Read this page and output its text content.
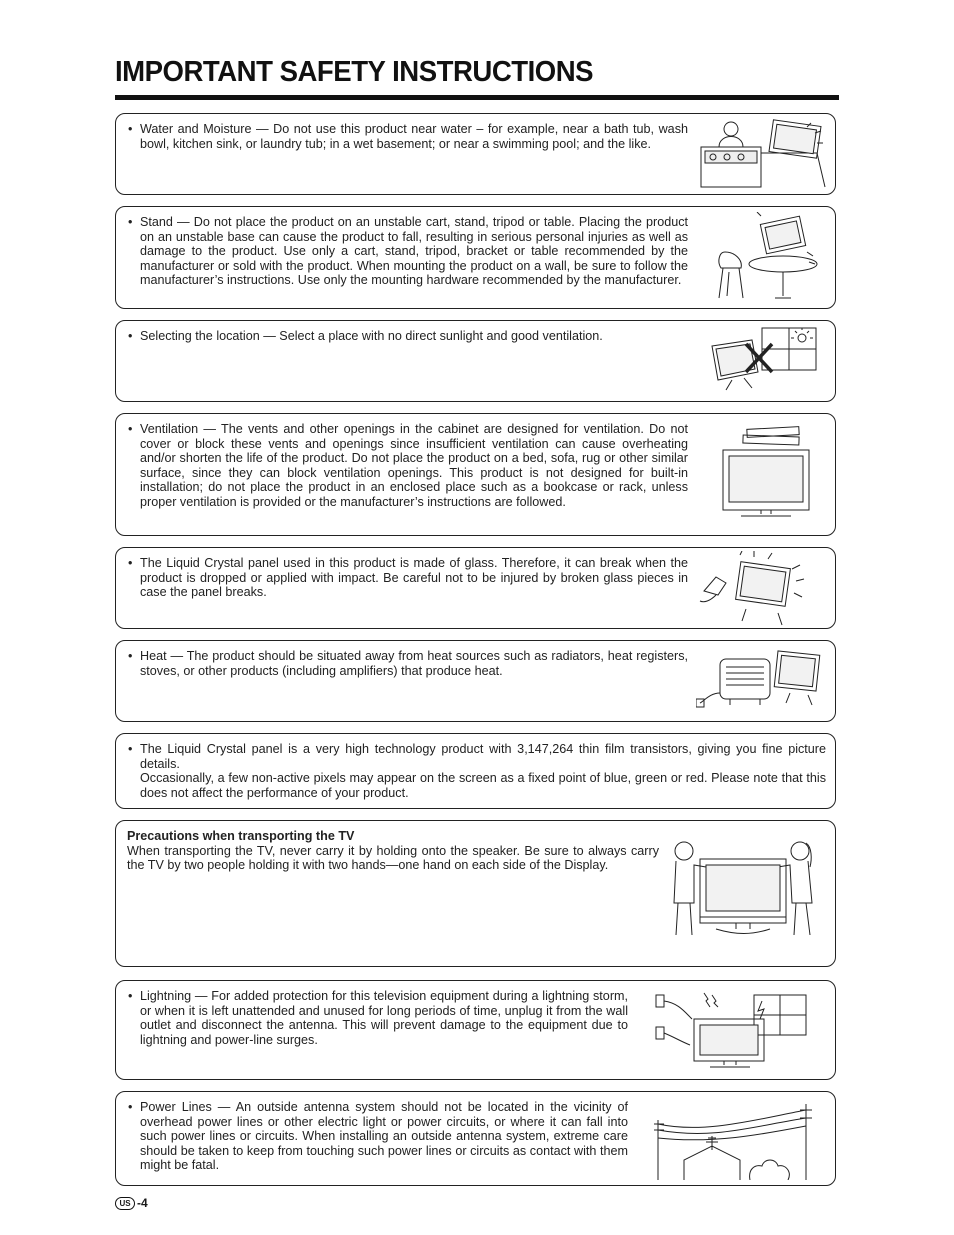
IMPORTANT SAFETY INSTRUCTIONS
• Water and Moisture — Do not use this product near water – for example, near a bath tub, wash bowl, kitchen sink, or laundry tub; in a wet basement; or near a swimming pool; and the like.
• Stand — Do not place the product on an unstable cart, stand, tripod or table. Placing the product on an unstable base can cause the product to fall, resulting in serious personal injuries as well as damage to the product. Use only a cart, stand, tripod, bracket or table recommended by the manufacturer or sold with the product. When mounting the product on a wall, be sure to follow the manufacturer’s instructions. Use only the mounting hardware recommended by the manufacturer.
• Selecting the location — Select a place with no direct sunlight and good ventilation.
• Ventilation — The vents and other openings in the cabinet are designed for ventilation. Do not cover or block these vents and openings since insufficient ventilation can cause overheating and/or shorten the life of the product. Do not place the product on a bed, sofa, rug or other similar surface, since they can block ventilation openings. This product is not designed for built-in installation; do not place the product in an enclosed place such as a bookcase or rack, unless proper ventilation is provided or the manufacturer’s instructions are followed.
• The Liquid Crystal panel used in this product is made of glass. Therefore, it can break when the product is dropped or applied with impact. Be careful not to be injured by broken glass pieces in case the panel breaks.
• Heat — The product should be situated away from heat sources such as radiators, heat registers, stoves, or other products (including amplifiers) that produce heat.
• The Liquid Crystal panel is a very high technology product with 3,147,264 thin film transistors, giving you fine picture details.

Occasionally, a few non-active pixels may appear on the screen as a fixed point of blue, green or red. Please note that this does not affect the performance of your product.

Precautions when transporting the TV
When transporting the TV, never carry it by holding onto the speaker. Be sure to always carry the TV by two people holding it with two hands—one hand on each side of the Display.
• Lightning — For added protection for this television equipment during a lightning storm, or when it is left unattended and unused for long periods of time, unplug it from the wall outlet and disconnect the antenna. This will prevent damage to the equipment due to lightning and power-line surges.
• Power Lines — An outside antenna system should not be located in the vicinity of overhead power lines or other electric light or power circuits, or where it can fall into such power lines or circuits. When installing an outside antenna system, extreme care should be taken to keep from touching such power lines or circuits as contact with them might be fatal.
US -4
